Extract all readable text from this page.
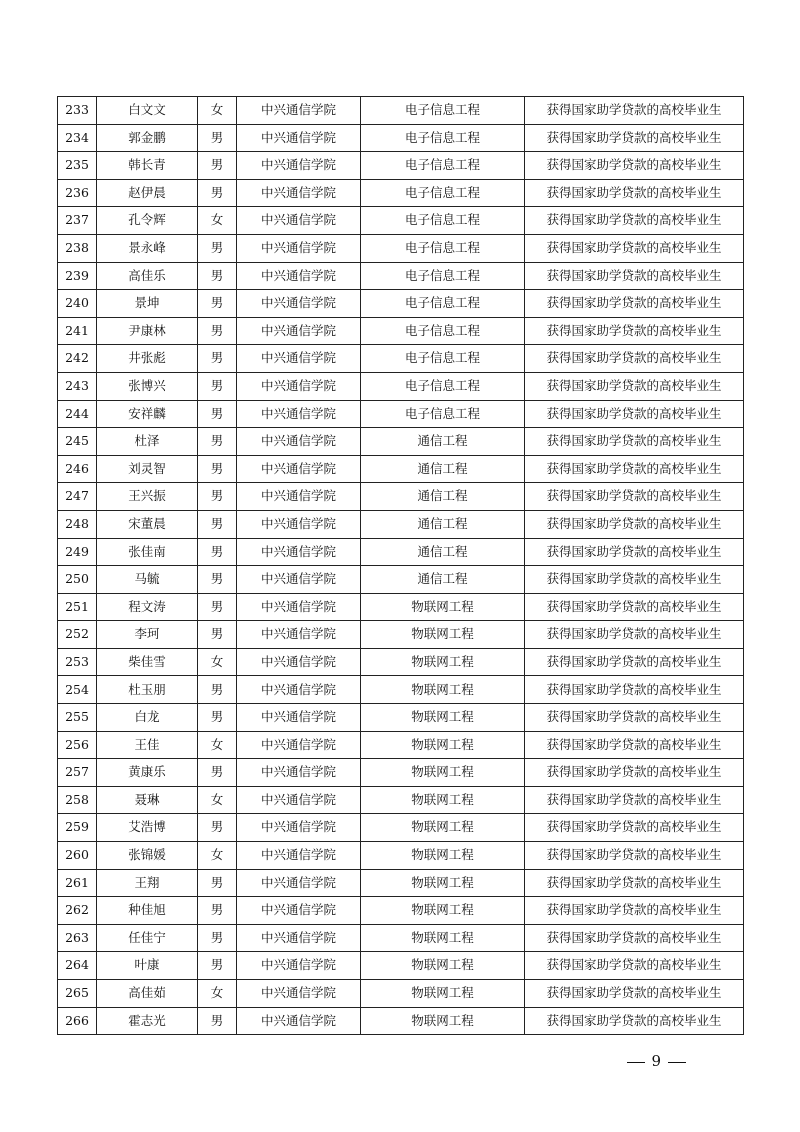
233	白文文	女	中兴通信学院	电子信息工程	获得国家助学贷款的高校毕业生
234	郭金鹏	男	中兴通信学院	电子信息工程	获得国家助学贷款的高校毕业生
235	韩长青	男	中兴通信学院	电子信息工程	获得国家助学贷款的高校毕业生
236	赵伊晨	男	中兴通信学院	电子信息工程	获得国家助学贷款的高校毕业生
237	孔令辉	女	中兴通信学院	电子信息工程	获得国家助学贷款的高校毕业生
238	景永峰	男	中兴通信学院	电子信息工程	获得国家助学贷款的高校毕业生
239	高佳乐	男	中兴通信学院	电子信息工程	获得国家助学贷款的高校毕业生
240	景坤	男	中兴通信学院	电子信息工程	获得国家助学贷款的高校毕业生
241	尹康林	男	中兴通信学院	电子信息工程	获得国家助学贷款的高校毕业生
242	井张彪	男	中兴通信学院	电子信息工程	获得国家助学贷款的高校毕业生
243	张博兴	男	中兴通信学院	电子信息工程	获得国家助学贷款的高校毕业生
244	安祥麟	男	中兴通信学院	电子信息工程	获得国家助学贷款的高校毕业生
245	杜泽	男	中兴通信学院	通信工程	获得国家助学贷款的高校毕业生
246	刘灵智	男	中兴通信学院	通信工程	获得国家助学贷款的高校毕业生
247	王兴振	男	中兴通信学院	通信工程	获得国家助学贷款的高校毕业生
248	宋董晨	男	中兴通信学院	通信工程	获得国家助学贷款的高校毕业生
249	张佳南	男	中兴通信学院	通信工程	获得国家助学贷款的高校毕业生
250	马毓	男	中兴通信学院	通信工程	获得国家助学贷款的高校毕业生
251	程文涛	男	中兴通信学院	物联网工程	获得国家助学贷款的高校毕业生
252	李珂	男	中兴通信学院	物联网工程	获得国家助学贷款的高校毕业生
253	柴佳雪	女	中兴通信学院	物联网工程	获得国家助学贷款的高校毕业生
254	杜玉朋	男	中兴通信学院	物联网工程	获得国家助学贷款的高校毕业生
255	白龙	男	中兴通信学院	物联网工程	获得国家助学贷款的高校毕业生
256	王佳	女	中兴通信学院	物联网工程	获得国家助学贷款的高校毕业生
257	黄康乐	男	中兴通信学院	物联网工程	获得国家助学贷款的高校毕业生
258	聂琳	女	中兴通信学院	物联网工程	获得国家助学贷款的高校毕业生
259	艾浩博	男	中兴通信学院	物联网工程	获得国家助学贷款的高校毕业生
260	张锦媛	女	中兴通信学院	物联网工程	获得国家助学贷款的高校毕业生
261	王翔	男	中兴通信学院	物联网工程	获得国家助学贷款的高校毕业生
262	种佳旭	男	中兴通信学院	物联网工程	获得国家助学贷款的高校毕业生
263	任佳宁	男	中兴通信学院	物联网工程	获得国家助学贷款的高校毕业生
264	叶康	男	中兴通信学院	物联网工程	获得国家助学贷款的高校毕业生
265	高佳茹	女	中兴通信学院	物联网工程	获得国家助学贷款的高校毕业生
266	霍志光	男	中兴通信学院	物联网工程	获得国家助学贷款的高校毕业生
9
